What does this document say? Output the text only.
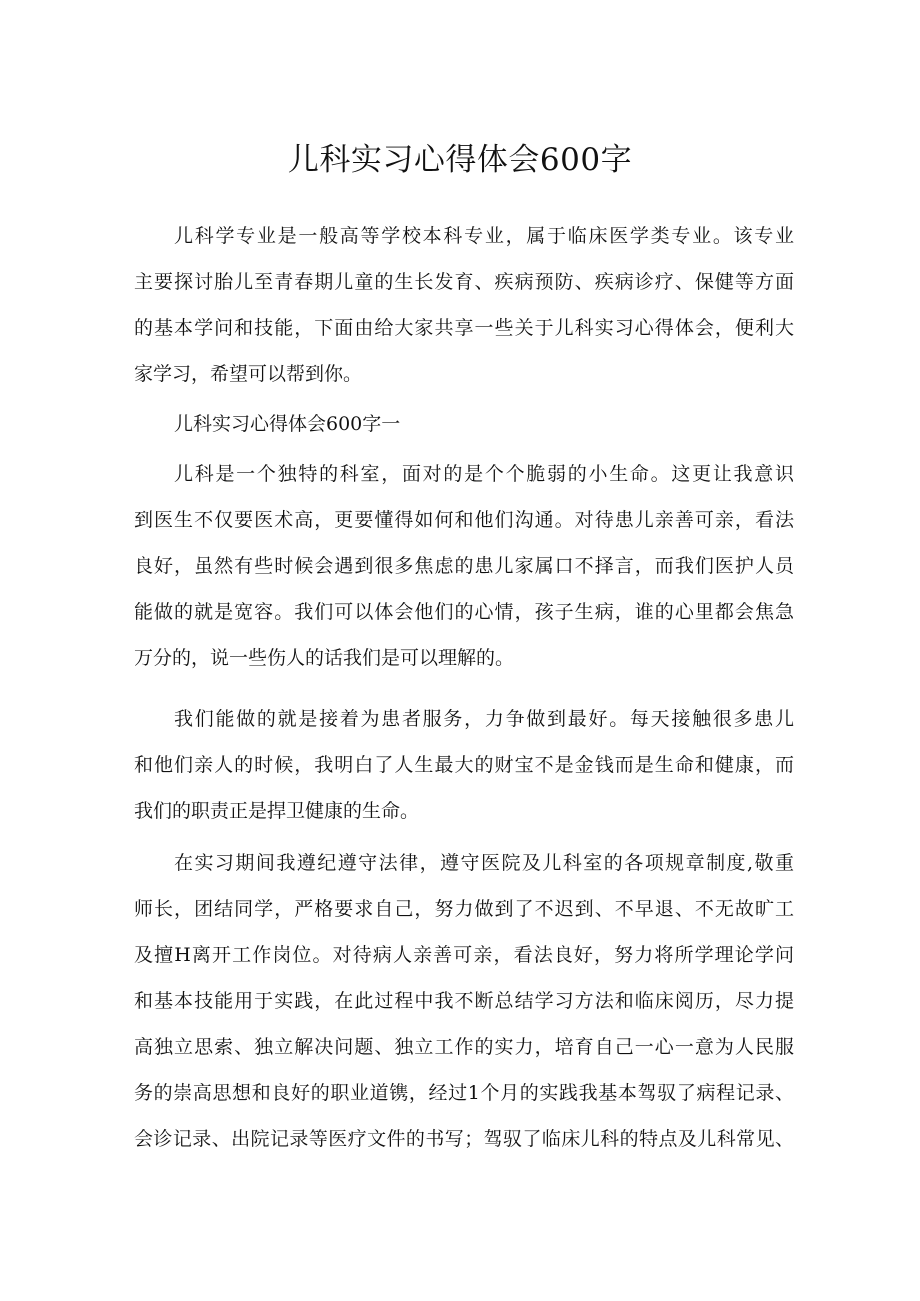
儿科实习心得体会600字
儿科学专业是一般高等学校本科专业，属于临床医学类专业。该专业
主要探讨胎儿至青春期儿童的生长发育、疾病预防、疾病诊疗、保健等方面
的基本学问和技能，下面由给大家共享一些关于儿科实习心得体会，便利大
家学习，希望可以帮到你。
儿科实习心得体会600字一
儿科是一个独特的科室，面对的是个个脆弱的小生命。这更让我意识
到医生不仅要医术高，更要懂得如何和他们沟通。对待患儿亲善可亲，看法
良好，虽然有些时候会遇到很多焦虑的患儿家属口不择言，而我们医护人员
能做的就是宽容。我们可以体会他们的心情，孩子生病，谁的心里都会焦急
万分的，说一些伤人的话我们是可以理解的。
我们能做的就是接着为患者服务，力争做到最好。每天接触很多患儿
和他们亲人的时候，我明白了人生最大的财宝不是金钱而是生命和健康，而
我们的职责正是捍卫健康的生命。
在实习期间我遵纪遵守法律，遵守医院及儿科室的各项规章制度,敬重
师长，团结同学，严格要求自己，努力做到了不迟到、不早退、不无故旷工
及擅H离开工作岗位。对待病人亲善可亲，看法良好，努力将所学理论学问
和基本技能用于实践，在此过程中我不断总结学习方法和临床阅历，尽力提
高独立思索、独立解决问题、独立工作的实力，培育自己一心一意为人民服
务的崇高思想和良好的职业道镌，经过1个月的实践我基本驾驭了病程记录、
会诊记录、出院记录等医疗文件的书写；驾驭了临床儿科的特点及儿科常见、
